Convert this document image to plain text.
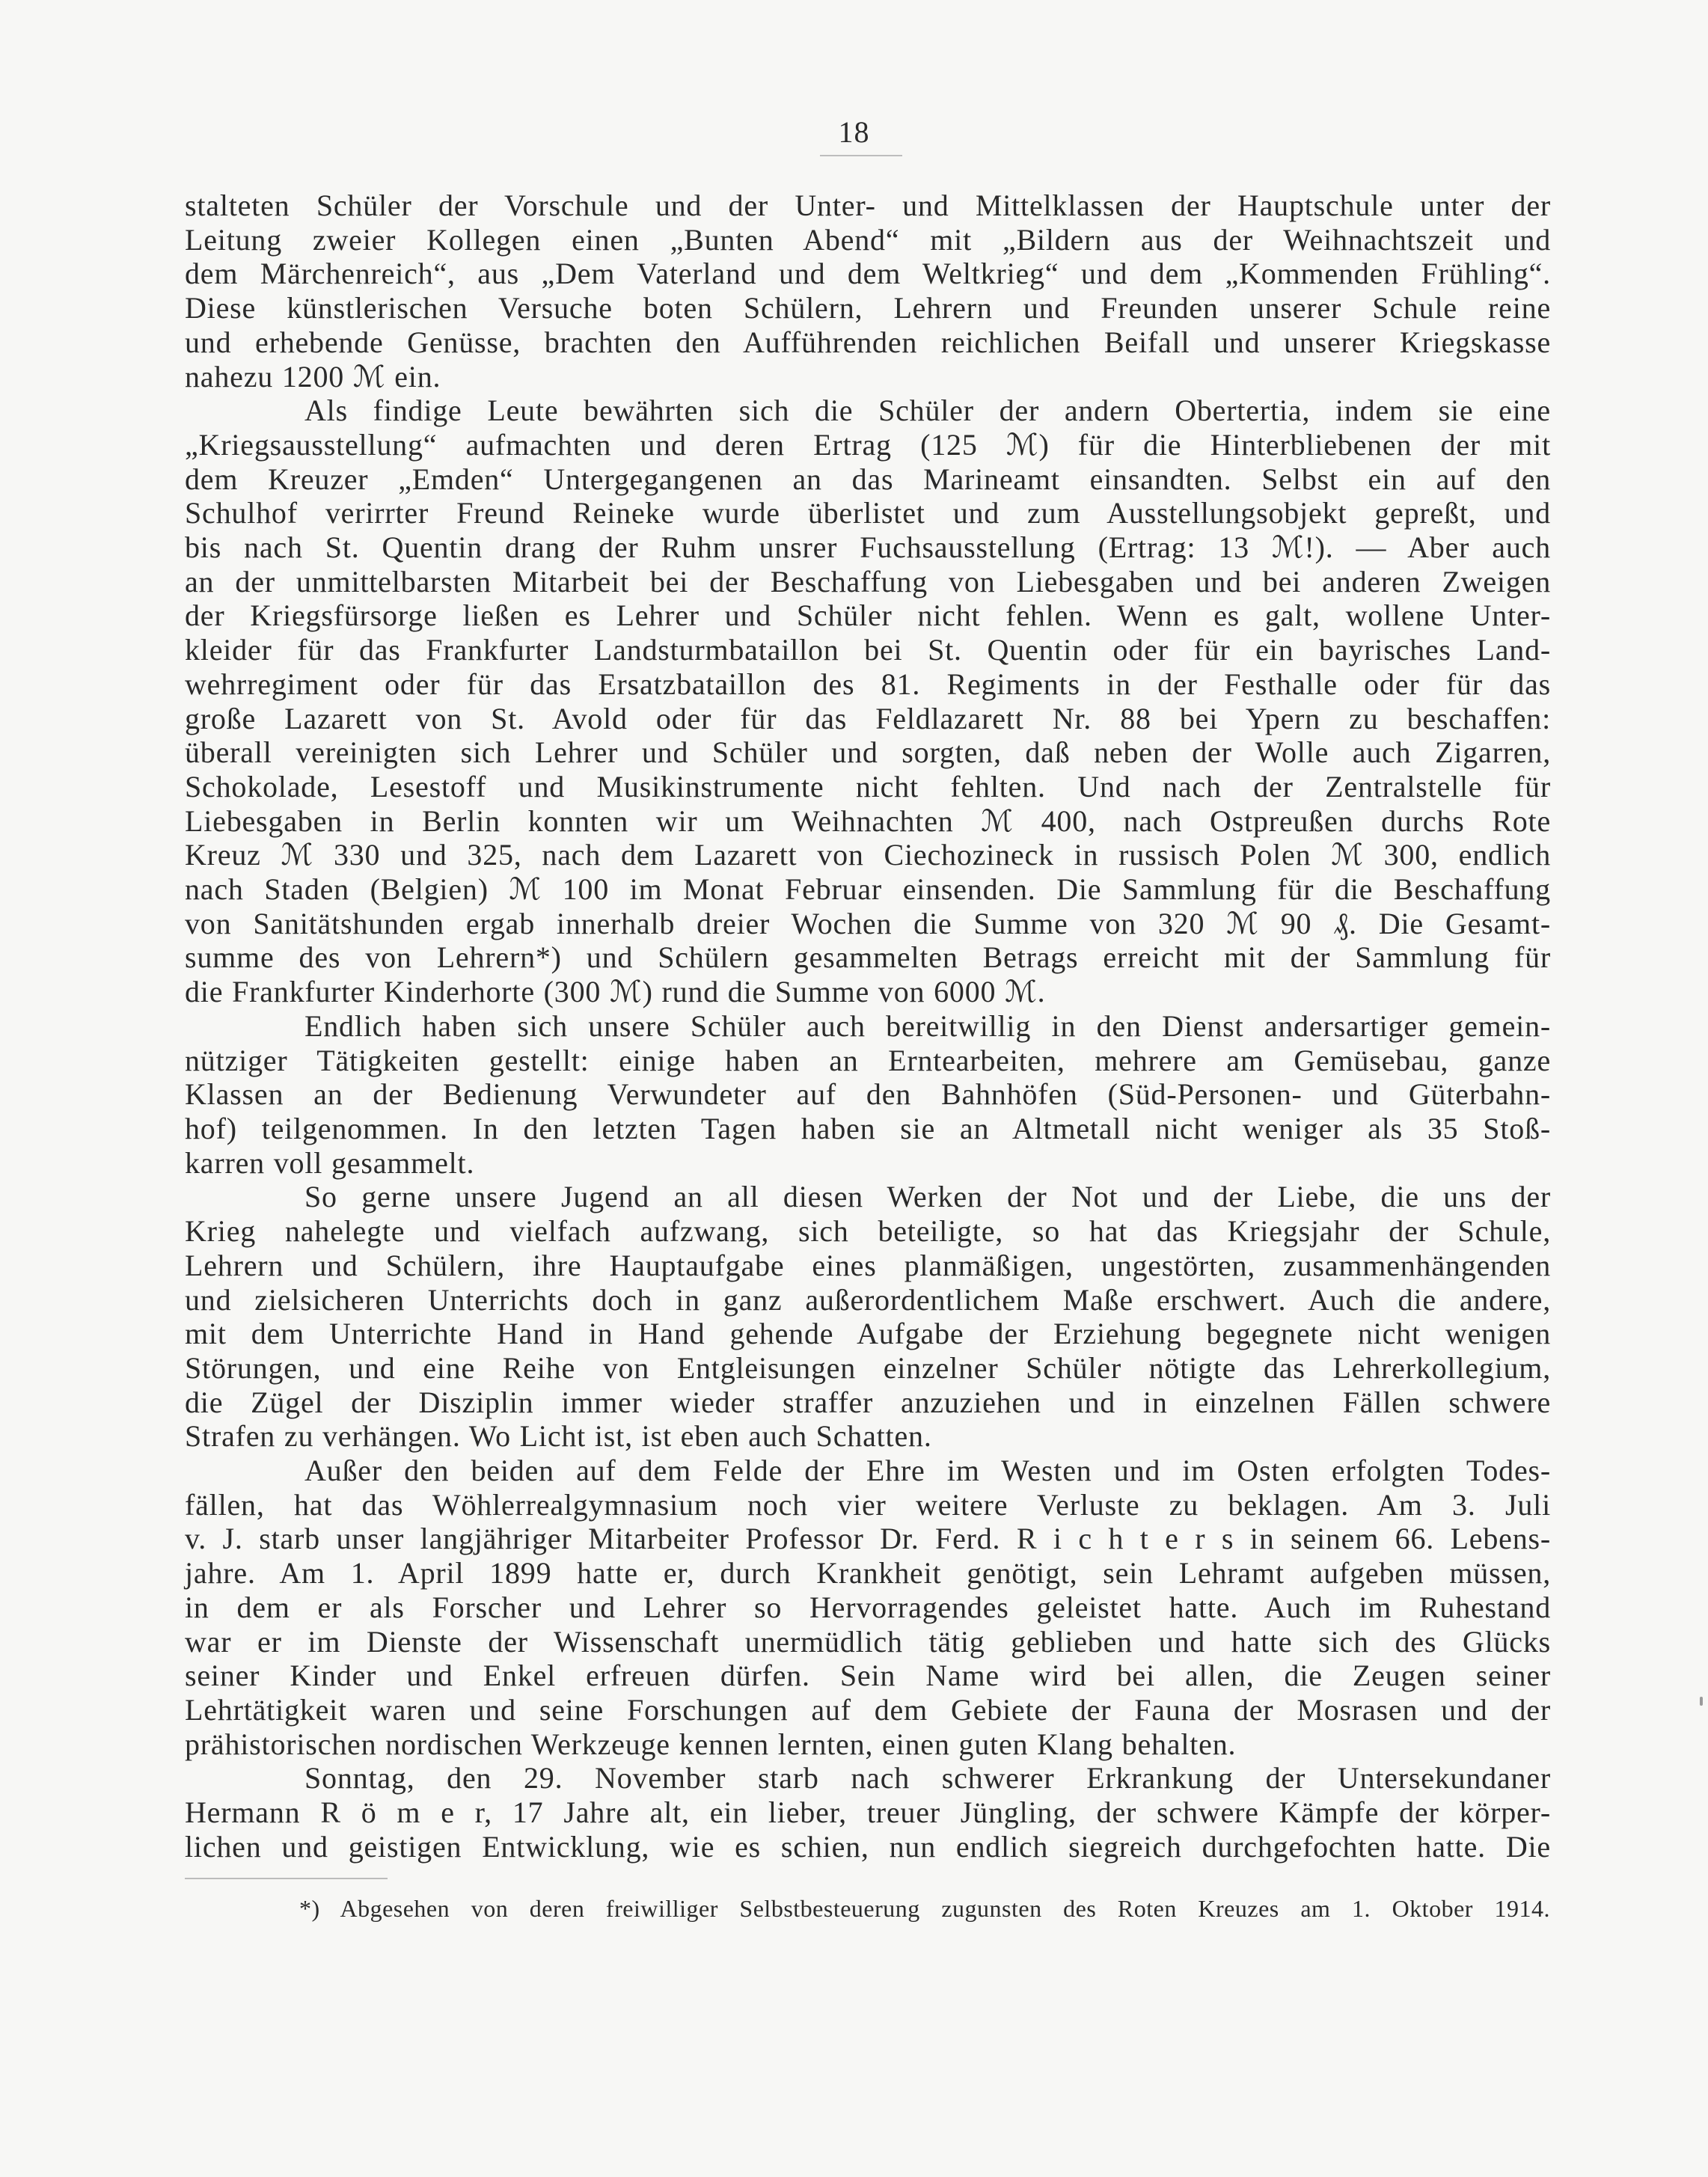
18

stalteten Schüler der Vorschule und der Unter- und Mittelklassen der Hauptschule unter der

Leitung zweier Kollegen einen „Bunten Abend“ mit „Bildern aus der Weihnachtszeit und

dem Märchenreich“, aus „Dem Vaterland und dem Weltkrieg“ und dem „Kommenden Frühling“.

Diese künstlerischen Versuche boten Schülern, Lehrern und Freunden unserer Schule reine

und erhebende Genüsse, brachten den Aufführenden reichlichen Beifall und unserer Kriegskasse

nahezu 1200 ℳ ein.

Als findige Leute bewährten sich die Schüler der andern Obertertia, indem sie eine

„Kriegsausstellung“ aufmachten und deren Ertrag (125 ℳ) für die Hinterbliebenen der mit

dem Kreuzer „Emden“ Untergegangenen an das Marineamt einsandten. Selbst ein auf den

Schulhof verirrter Freund Reineke wurde überlistet und zum Ausstellungsobjekt gepreßt, und

bis nach St. Quentin drang der Ruhm unsrer Fuchsausstellung (Ertrag: 13 ℳ!). — Aber auch

an der unmittelbarsten Mitarbeit bei der Beschaffung von Liebesgaben und bei anderen Zweigen

der Kriegsfürsorge ließen es Lehrer und Schüler nicht fehlen. Wenn es galt, wollene Unter-

kleider für das Frankfurter Landsturmbataillon bei St. Quentin oder für ein bayrisches Land-

wehrregiment oder für das Ersatzbataillon des 81. Regiments in der Festhalle oder für das

große Lazarett von St. Avold oder für das Feldlazarett Nr. 88 bei Ypern zu beschaffen:

überall vereinigten sich Lehrer und Schüler und sorgten, daß neben der Wolle auch Zigarren,

Schokolade, Lesestoff und Musikinstrumente nicht fehlten. Und nach der Zentralstelle für

Liebesgaben in Berlin konnten wir um Weihnachten ℳ 400, nach Ostpreußen durchs Rote

Kreuz ℳ 330 und 325, nach dem Lazarett von Ciechozineck in russisch Polen ℳ 300, endlich

nach Staden (Belgien) ℳ 100 im Monat Februar einsenden. Die Sammlung für die Beschaffung

von Sanitätshunden ergab innerhalb dreier Wochen die Summe von 320 ℳ 90 ₰. Die Gesamt-

summe des von Lehrern*) und Schülern gesammelten Betrags erreicht mit der Sammlung für

die Frankfurter Kinderhorte (300 ℳ) rund die Summe von 6000 ℳ.

Endlich haben sich unsere Schüler auch bereitwillig in den Dienst andersartiger gemein-

nütziger Tätigkeiten gestellt: einige haben an Erntearbeiten, mehrere am Gemüsebau, ganze

Klassen an der Bedienung Verwundeter auf den Bahnhöfen (Süd-Personen- und Güterbahn-

hof) teilgenommen. In den letzten Tagen haben sie an Altmetall nicht weniger als 35 Stoß-

karren voll gesammelt.

So gerne unsere Jugend an all diesen Werken der Not und der Liebe, die uns der

Krieg nahelegte und vielfach aufzwang, sich beteiligte, so hat das Kriegsjahr der Schule,

Lehrern und Schülern, ihre Hauptaufgabe eines planmäßigen, ungestörten, zusammenhängenden

und zielsicheren Unterrichts doch in ganz außerordentlichem Maße erschwert. Auch die andere,

mit dem Unterrichte Hand in Hand gehende Aufgabe der Erziehung begegnete nicht wenigen

Störungen, und eine Reihe von Entgleisungen einzelner Schüler nötigte das Lehrerkollegium,

die Zügel der Disziplin immer wieder straffer anzuziehen und in einzelnen Fällen schwere

Strafen zu verhängen. Wo Licht ist, ist eben auch Schatten.

Außer den beiden auf dem Felde der Ehre im Westen und im Osten erfolgten Todes-

fällen, hat das Wöhlerrealgymnasium noch vier weitere Verluste zu beklagen. Am 3. Juli

v. J. starb unser langjähriger Mitarbeiter Professor Dr. Ferd. R i c h t e r s in seinem 66. Lebens-

jahre. Am 1. April 1899 hatte er, durch Krankheit genötigt, sein Lehramt aufgeben müssen,

in dem er als Forscher und Lehrer so Hervorragendes geleistet hatte. Auch im Ruhestand

war er im Dienste der Wissenschaft unermüdlich tätig geblieben und hatte sich des Glücks

seiner Kinder und Enkel erfreuen dürfen. Sein Name wird bei allen, die Zeugen seiner

Lehrtätigkeit waren und seine Forschungen auf dem Gebiete der Fauna der Mosrasen und der

prähistorischen nordischen Werkzeuge kennen lernten, einen guten Klang behalten.

Sonntag, den 29. November starb nach schwerer Erkrankung der Untersekundaner

Hermann R ö m e r, 17 Jahre alt, ein lieber, treuer Jüngling, der schwere Kämpfe der körper-

lichen und geistigen Entwicklung, wie es schien, nun endlich siegreich durchgefochten hatte. Die

*) Abgesehen von deren freiwilliger Selbstbesteuerung zugunsten des Roten Kreuzes am 1. Oktober 1914.
